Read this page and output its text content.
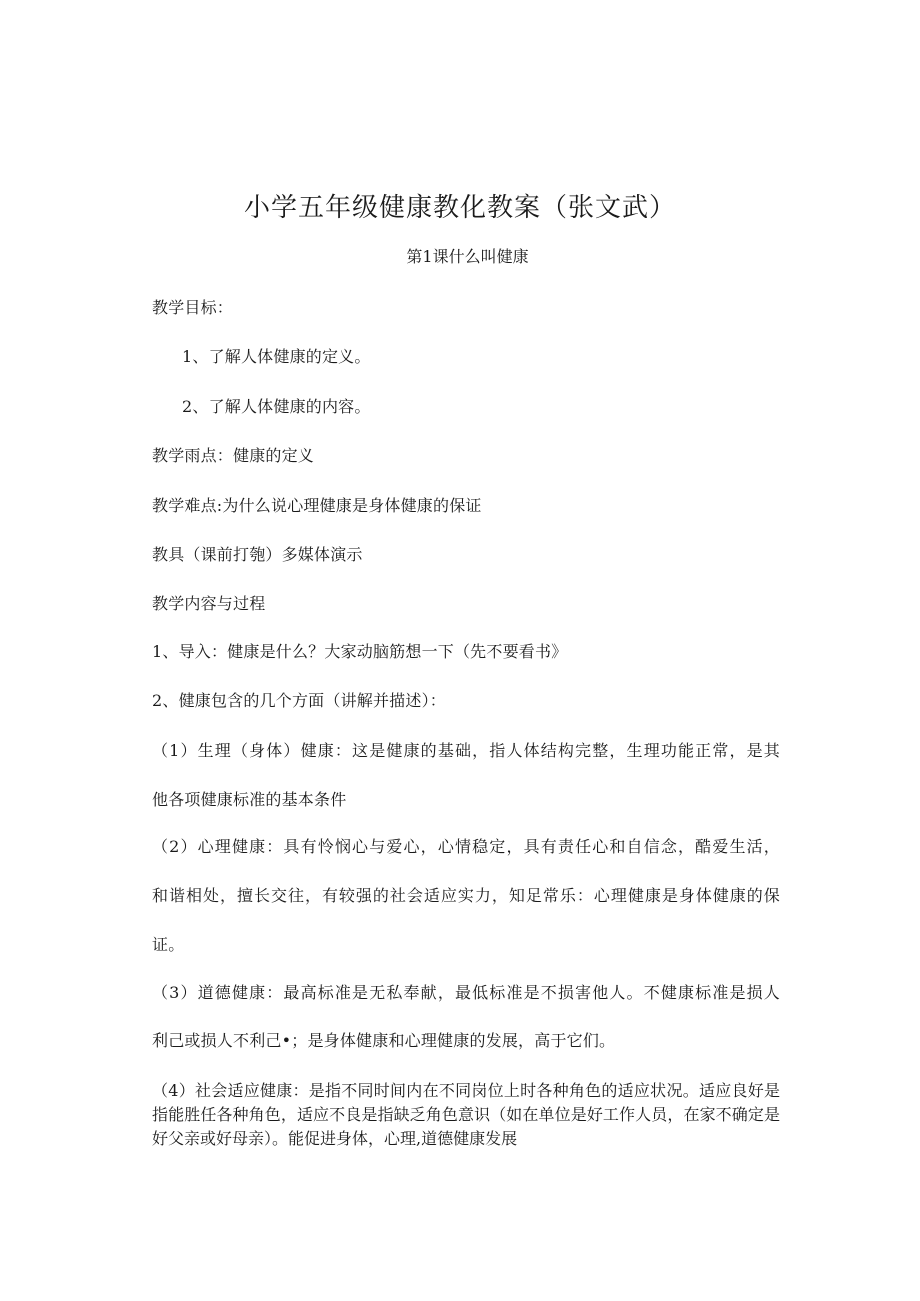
小学五年级健康教化教案（张文武）
第1课什么叫健康
教学目标：
1、了解人体健康的定义。
2、了解人体健康的内容。
教学雨点：健康的定义
教学难点:为什么说心理健康是身体健康的保证
教具（课前打匏）多媒体演示
教学内容与过程
1、导入：健康是什么？大家动脑筋想一下（先不要看书》
2、健康包含的几个方面（讲解并描述）：
（1）生理（身体）健康：这是健康的基础，指人体结构完整，生理功能正常，是其
他各项健康标准的基本条件
（2）心理健康：具有怜悯心与爱心，心情稳定，具有责任心和自信念，酷爱生活，
和谐相处，擅长交往，有较强的社会适应实力，知足常乐：心理健康是身体健康的保
证。
（3）道德健康：最高标准是无私奉献，最低标准是不损害他人。不健康标准是损人
利己或损人不利己•；是身体健康和心理健康的发展，高于它们。
（4）社会适应健康：是指不同时间内在不同岗位上时各种角色的适应状况。适应良好是指能胜任各种角色，适应不良是指缺乏角色意识（如在单位是好工作人员，在家不确定是好父亲或好母亲）。能促进身体，心理,道德健康发展
